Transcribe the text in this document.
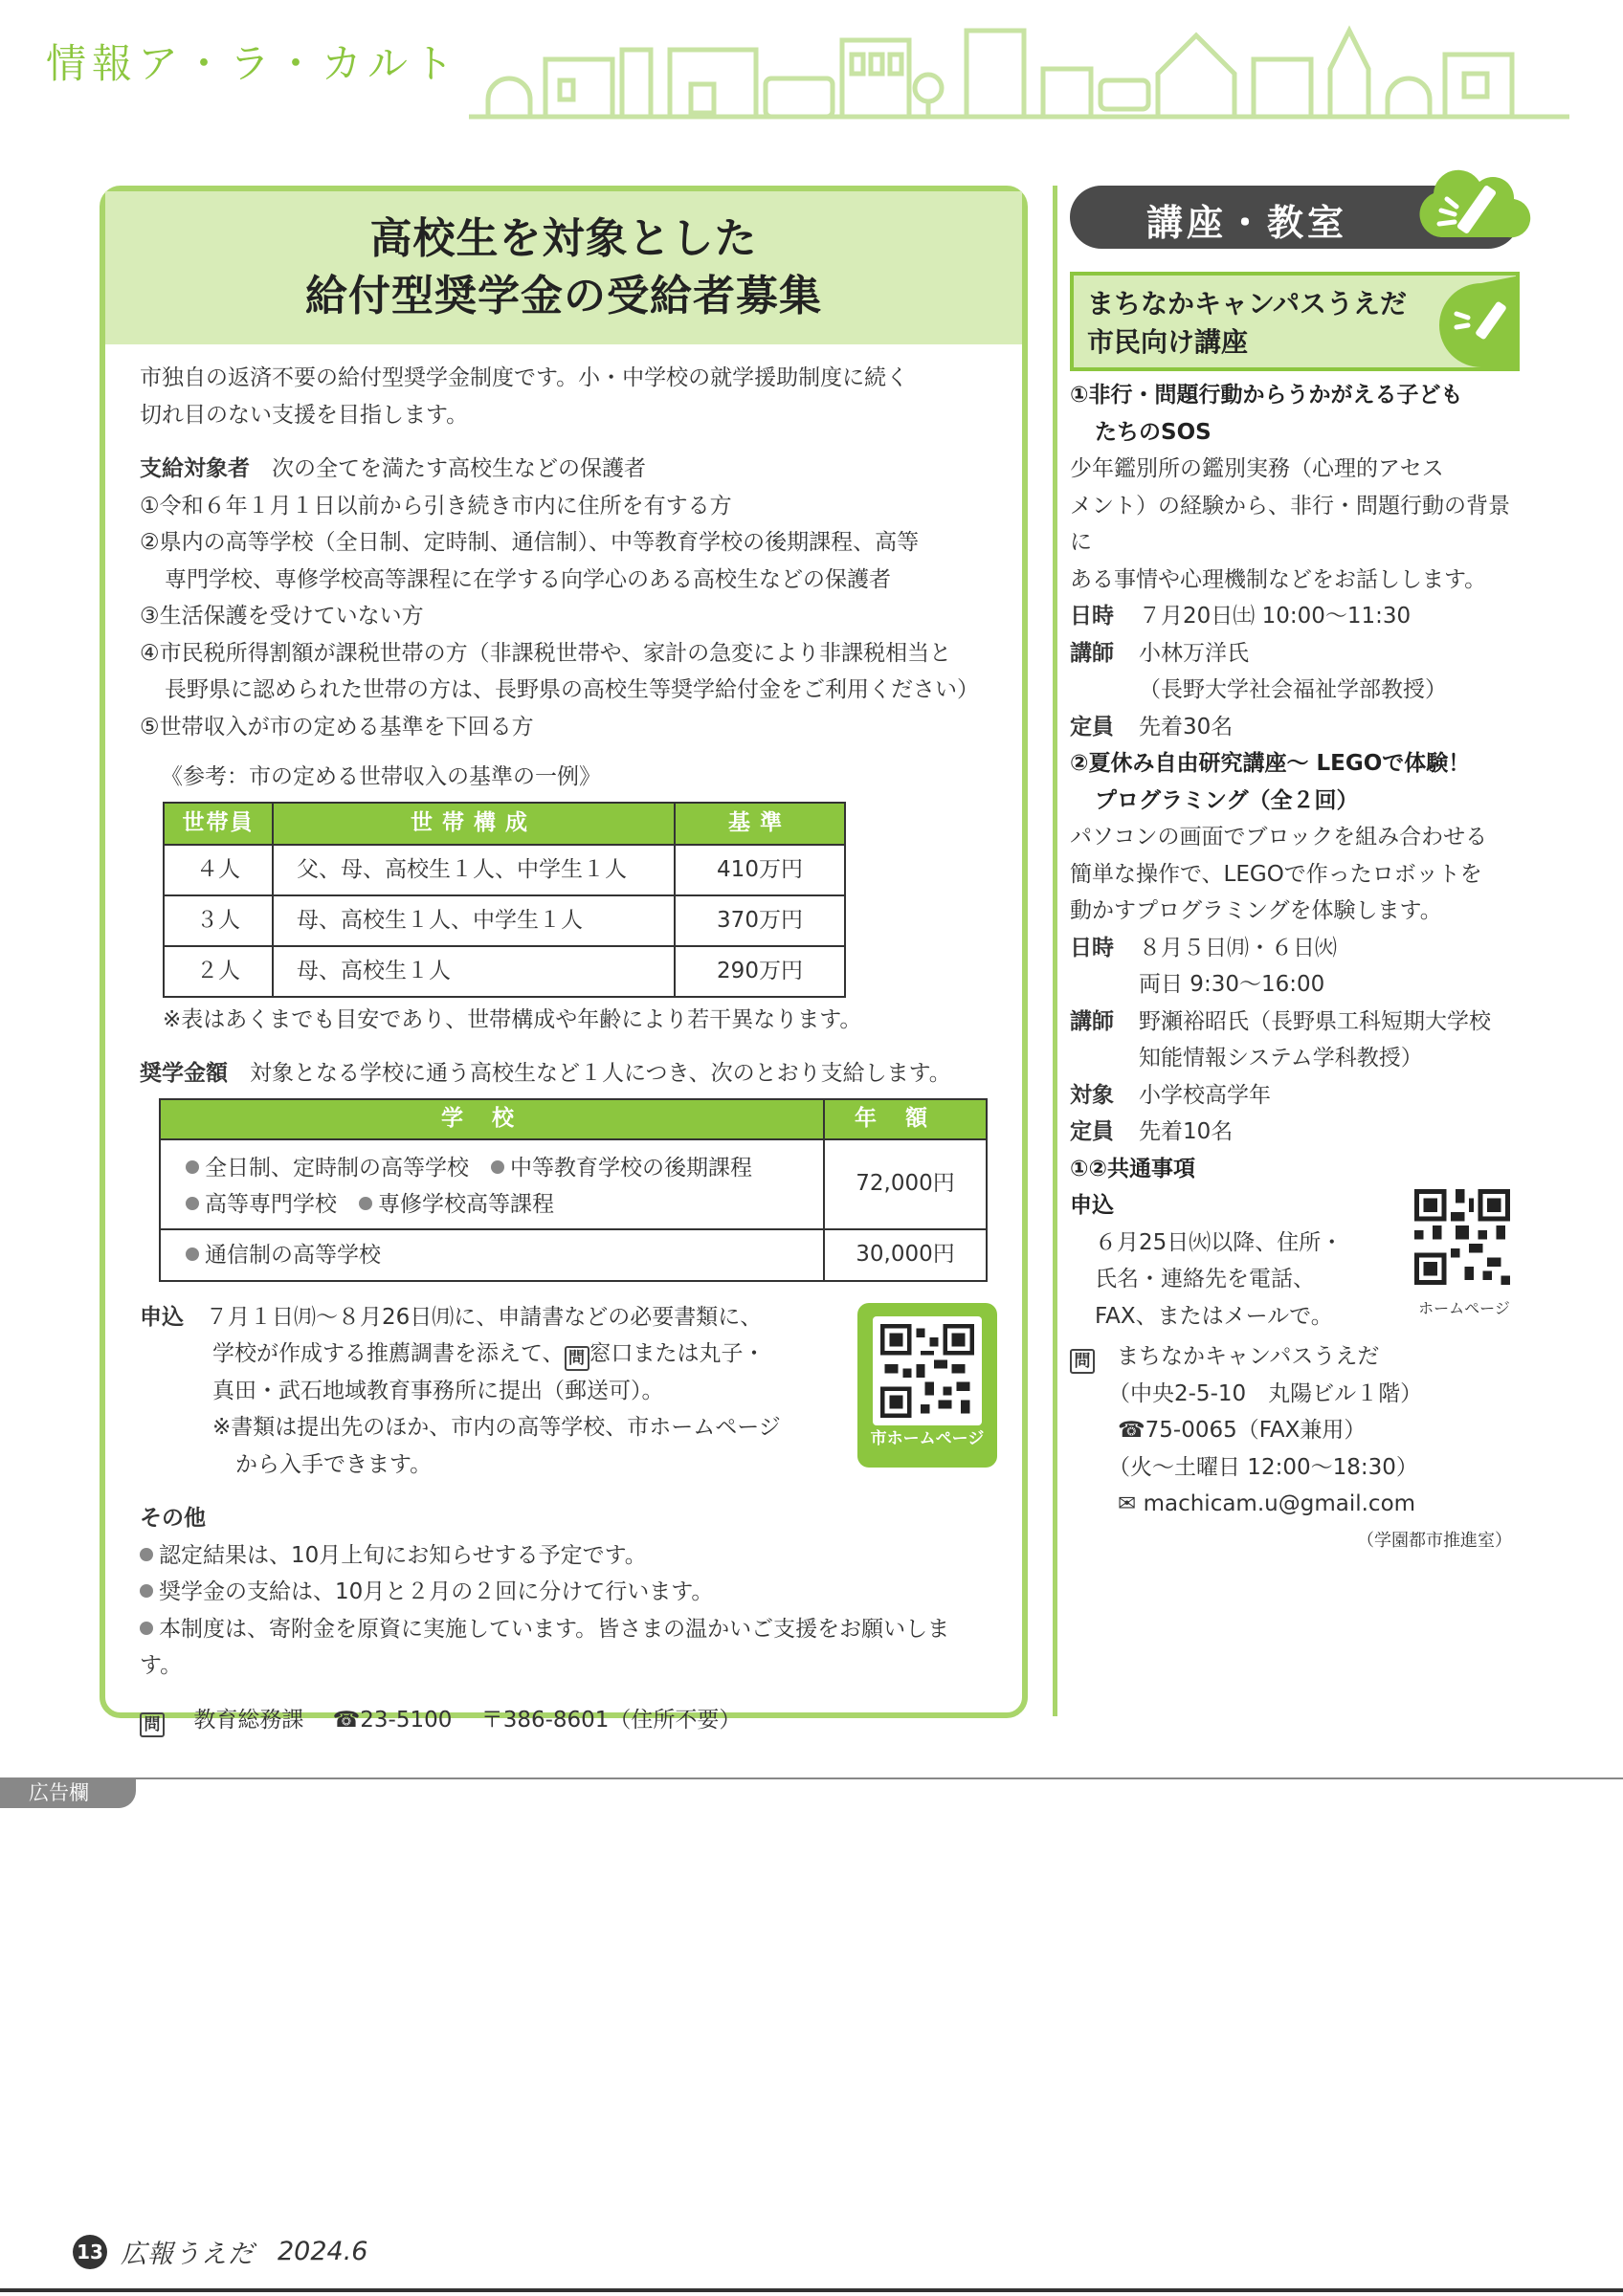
情報ア・ラ・カルト
高校生を対象とした
給付型奨学金の受給者募集
市独自の返済不要の給付型奨学金制度です。小・中学校の就学援助制度に続く
切れ目のない支援を目指します。
支給対象者　 次の全てを満たす高校生などの保護者
①令和６年１月１日以前から引き続き市内に住所を有する方
②県内の高等学校（全日制、定時制、通信制）、中等教育学校の後期課程、高等
専門学校、専修学校高等課程に在学する向学心のある高校生などの保護者
③生活保護を受けていない方
④市民税所得割額が課税世帯の方（非課税世帯や、家計の急変により非課税相当と
長野県に認められた世帯の方は、長野県の高校生等奨学給付金をご利用ください）
⑤世帯収入が市の定める基準を下回る方
《参考：市の定める世帯収入の基準の一例》
世帯員	世帯構成	基準
４人	父、母、高校生１人、中学生１人	410万円
３人	母、高校生１人、中学生１人	370万円
２人	母、高校生１人	290万円
※表はあくまでも目安であり、世帯構成や年齢により若干異なります。
奨学金額　 対象となる学校に通う高校生など１人につき、次のとおり支給します。
学校	年額

全日制、定時制の高等学校　 中等教育学校の後期課程
高等専門学校　 専修学校高等課程	72,000円
通信制の高等学校	30,000円
申込　 ７月１日㈪～８月26日㈪に、申請書などの必要書類に、
学校が作成する推薦調書を添えて、 問 窓口または丸子・
真田・武石地域教育事務所に提出（郵送可）。
※書類は提出先のほか、市内の高等学校、市ホームページ
から入手できます。
市ホームページ
その他
認定結果は、10月上旬にお知らせする予定です。
奨学金の支給は、10月と２月の２回に分けて行います。
本制度は、寄附金を原資に実施しています。皆さまの温かいご支援をお願いします。
問 　 教育総務課 　 ☎23-5100 　 〒386-8601（住所不要）
講座・教室
まちなかキャンパスうえだ
市民向け講座
①非行・問題行動からうかがえる子ども
たちのSOS
少年鑑別所の鑑別実務（心理的アセス
メント）の経験から、非行・問題行動の背景に
ある事情や心理機制などをお話しします。
日時	７月20日㈯ 10:00～11:30
講師	小林万洋氏
（長野大学社会福祉学部教授）
定員	先着30名
②夏休み自由研究講座～ LEGOで体験！
プログラミング（全２回）
パソコンの画面でブロックを組み合わせる
簡単な操作で、LEGOで作ったロボットを
動かすプログラミングを体験します。
日時	８月５日㈪・６日㈫
両日 9:30～16:00
講師	野瀬裕昭氏（長野県工科短期大学校
知能情報システム学科教授）
対象	小学校高学年
定員	先着10名
①②共通事項
申込
６月25日㈫以降、住所・
氏名・連絡先を電話、
FAX、またはメールで。	ホームページ
問　 まちなかキャンパスうえだ
（中央2-5-10　丸陽ビル１階）
☎75-0065（FAX兼用）
（火～土曜日 12:00～18:30）
✉ machicam.u@gmail.com
（学園都市推進室）
広告欄
13 広報うえだ 2024.6
